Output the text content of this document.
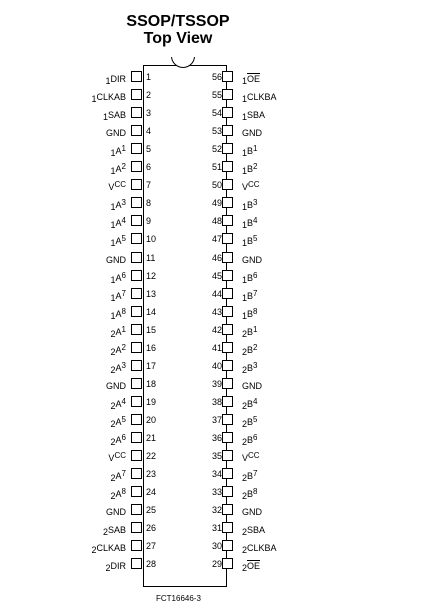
SSOP/TSSOP
Top View
1
1DIR
2
1CLKAB
3
1SAB
4
GND
5
1A1
6
1A2
7
VCC
8
1A3
9
1A4
10
1A5
11
GND
12
1A6
13
1A7
14
1A8
15
2A1
16
2A2
17
2A3
18
GND
19
2A4
20
2A5
21
2A6
22
VCC
23
2A7
24
2A8
25
GND
26
2SAB
27
2CLKAB
28
2DIR
56 $1\overline{OE}$
55 1CLKBA
54 1SBA
53 GND
52 1B1
51 1B2
50 VCC
49 1B3
48 1B4
47 1B5
46 GND
45 1B6
44 1B7
43 1B8
42 2B1
41 2B2
40 2B3
39 GND
38 2B4
37 2B5
36 2B6
35 VCC
34 2B7
33 2B8
32 GND
31 2SBA
30 2CLKBA
29 $2\overline{OE}$
FCT16646-3
